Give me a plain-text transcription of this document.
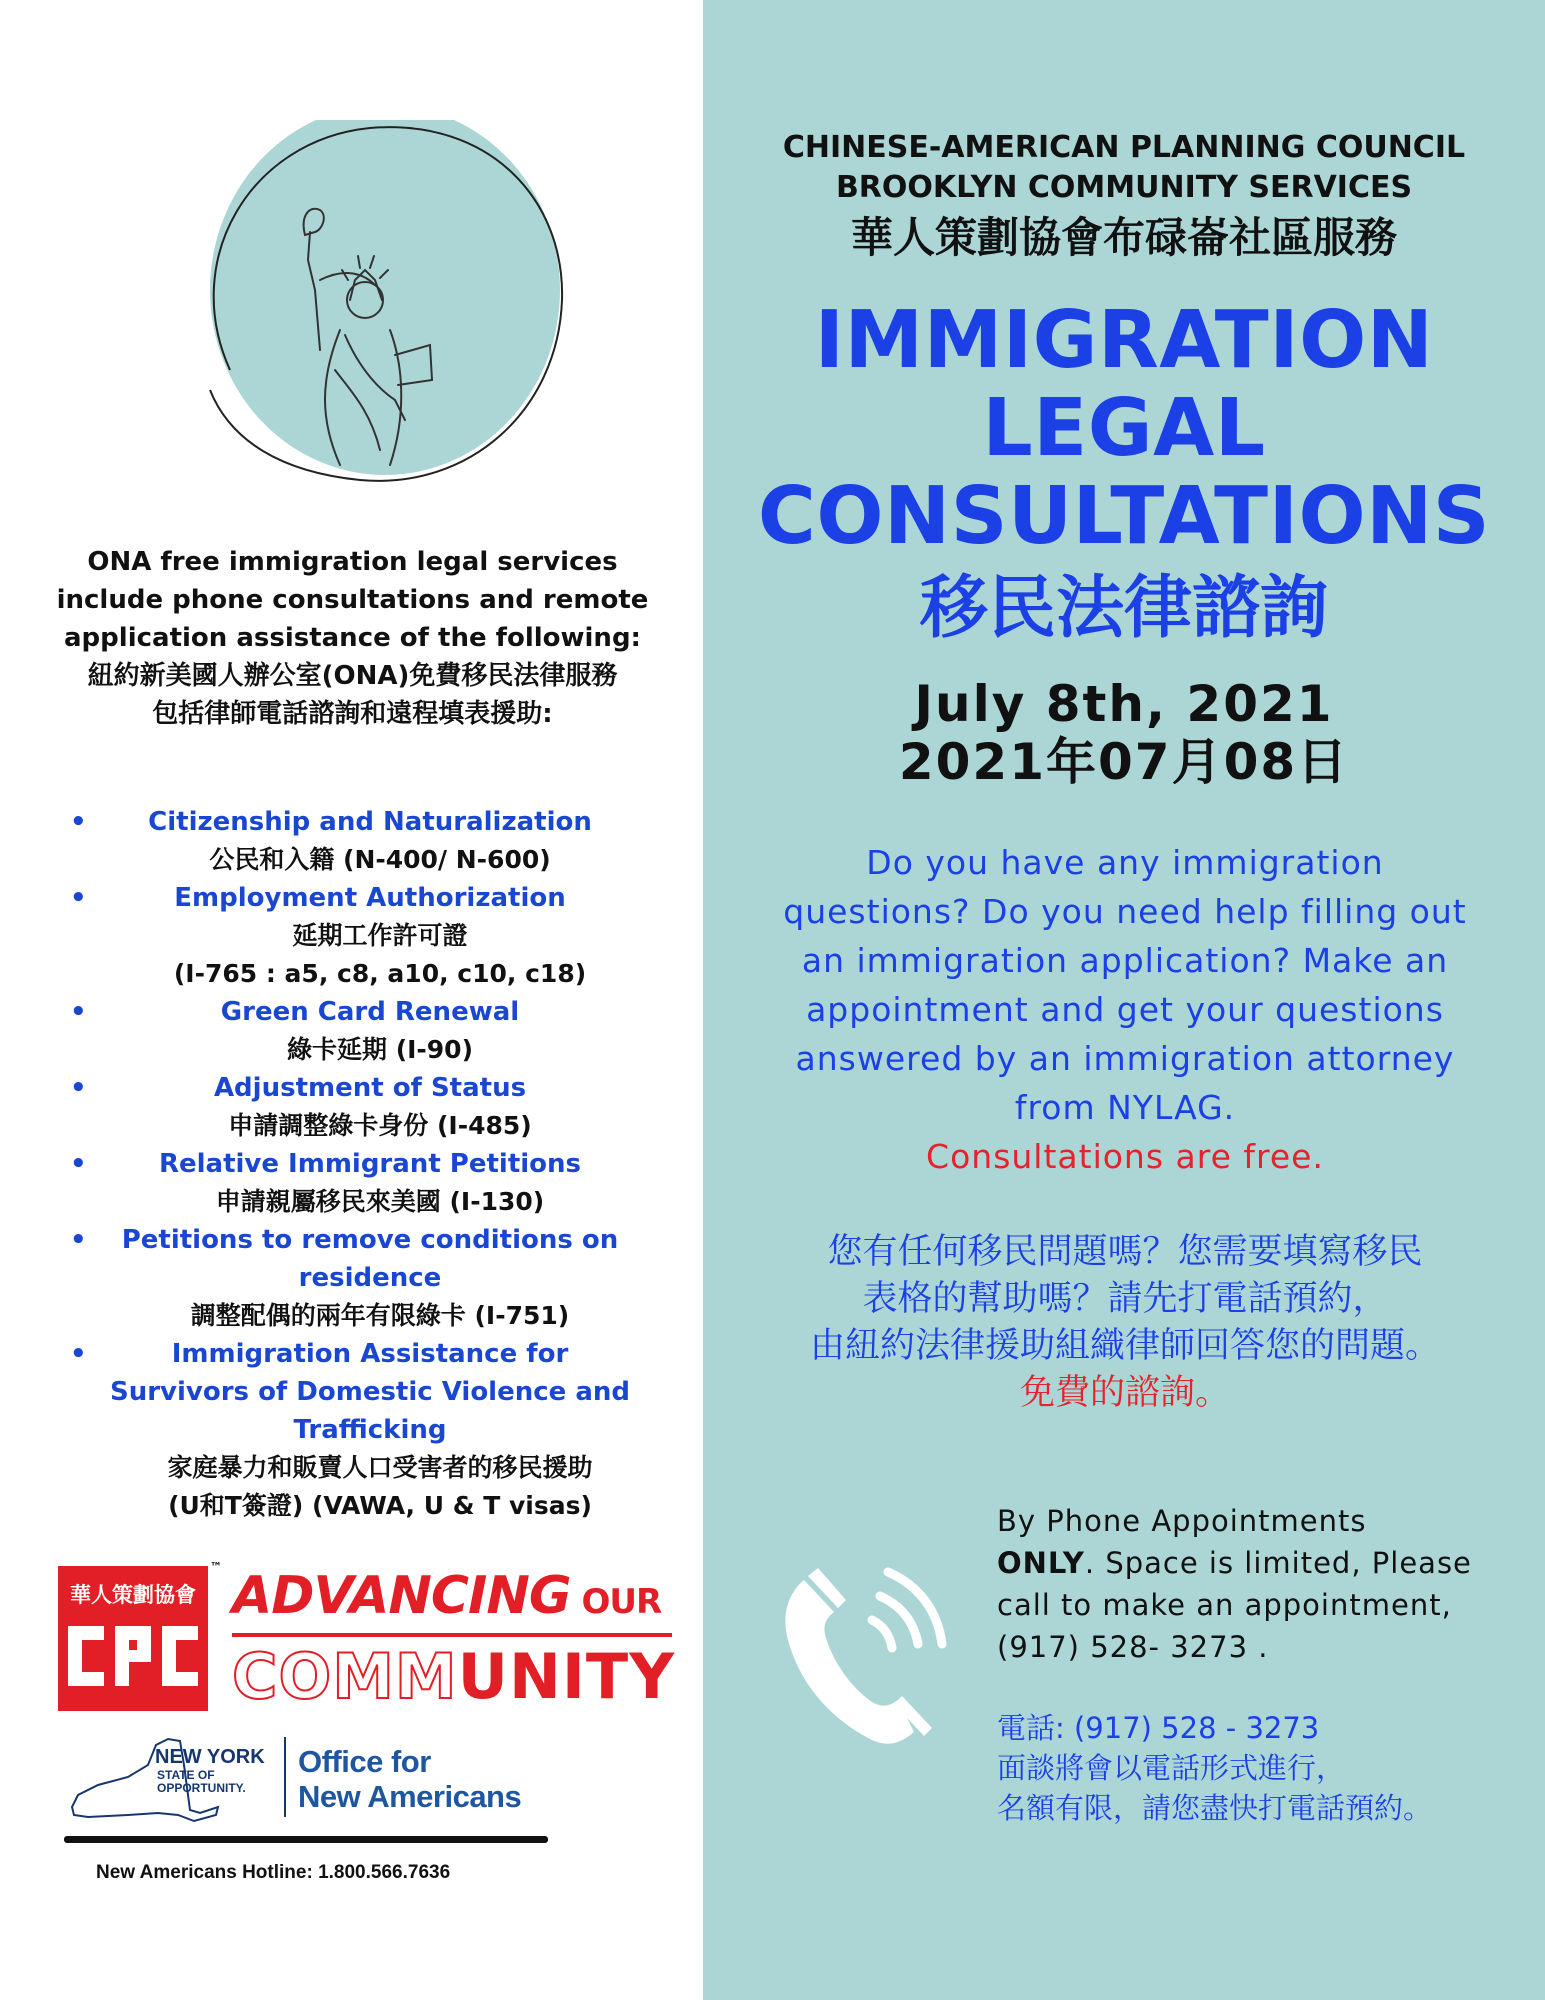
ONA free immigration legal services include phone consultations and remote application assistance of the following:
紐約新美國人辦公室(ONA)免費移民法律服務
包括律師電話諮詢和遠程填表援助:
•	Citizenship and Naturalization
公民和入籍 (N-400/ N-600)
•	Employment Authorization
延期工作許可證
(I-765 : a5, c8, a10, c10, c18)
•	Green Card Renewal
綠卡延期 (I-90)
•	Adjustment of Status
申請調整綠卡身份 (I-485)
•	Relative Immigrant Petitions
申請親屬移民來美國 (I-130)
•	Petitions to remove conditions on residence
調整配偶的兩年有限綠卡 (I-751)
•	Immigration Assistance for Survivors of Domestic Violence and Trafficking
家庭暴力和販賣人口受害者的移民援助
(U和T簽證) (VAWA, U & T visas)
華人策劃協會
™ ADVANCING OUR
COMMUNITY
NEW YORK
STATE OF
OPPORTUNITY.
Office for
New Americans
New Americans Hotline: 1.800.566.7636
CHINESE-AMERICAN PLANNING COUNCIL
BROOKLYN COMMUNITY SERVICES
華人策劃協會布碌崙社區服務
IMMIGRATION
LEGAL
CONSULTATIONS
移民法律諮詢
July 8th, 2021
2021年07月08日
Do you have any immigration questions? Do you need help filling out an immigration application? Make an appointment and get your questions answered by an immigration attorney from NYLAG.
Consultations are free.
您有任何移民問題嗎？您需要填寫移民
表格的幫助嗎？請先打電話預約，
由紐約法律援助組織律師回答您的問題。
免費的諮詢。
By Phone Appointments
ONLY. Space is limited, Please call to make an appointment, (917) 528- 3273 .
電話: (917) 528 - 3273
面談將會以電話形式進行，
名額有限，請您盡快打電話預約。
